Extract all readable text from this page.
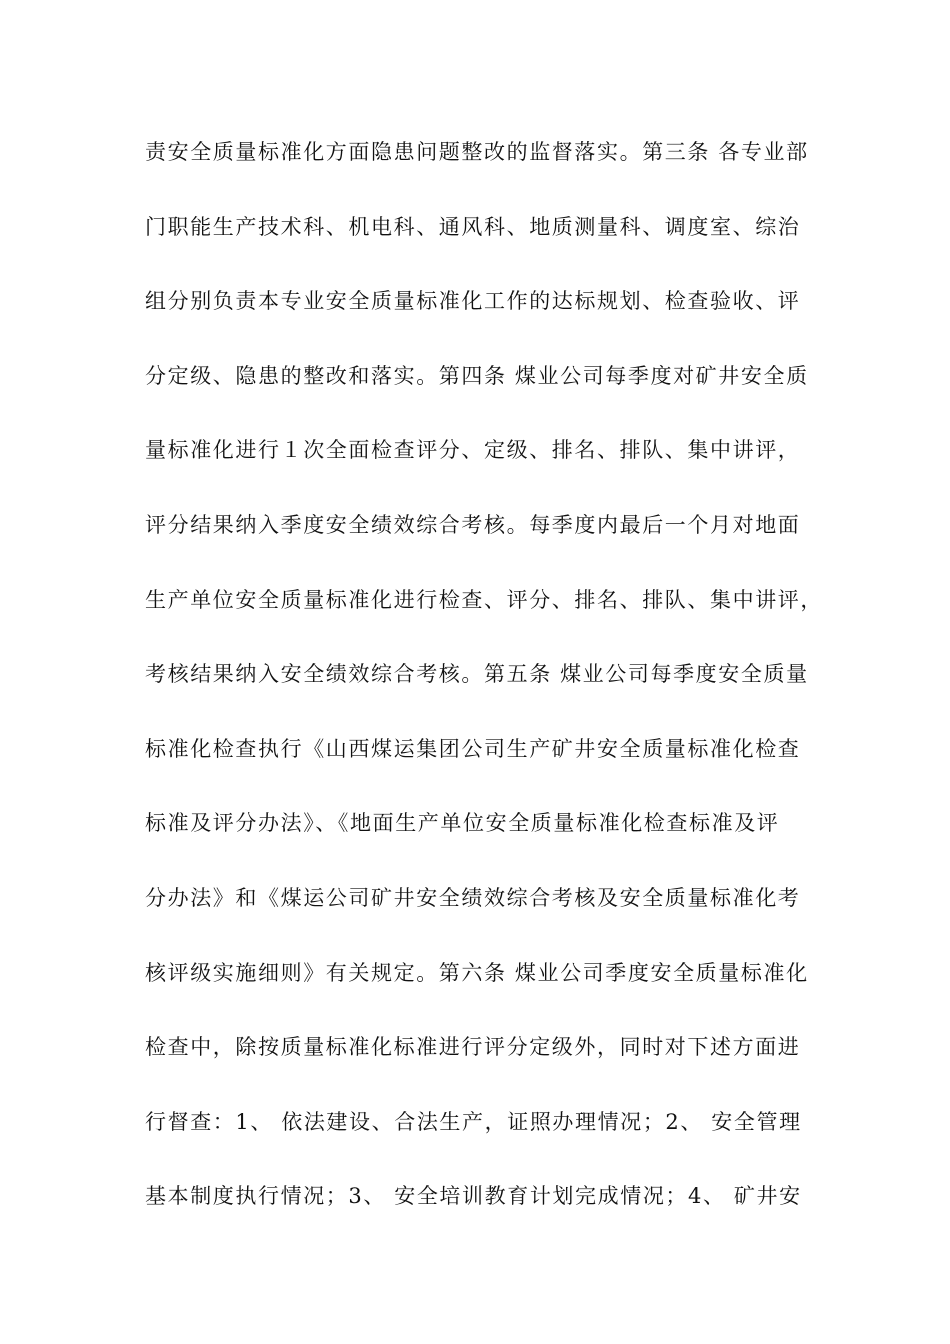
责安全质量标准化方面隐患问题整改的监督落实。第三条 各专业部
门职能生产技术科、机电科、通风科、地质测量科、调度室、综治
组分别负责本专业安全质量标准化工作的达标规划、检查验收、评
分定级、隐患的整改和落实。第四条 煤业公司每季度对矿井安全质
量标准化进行１次全面检查评分、定级、排名、排队、集中讲评，
评分结果纳入季度安全绩效综合考核。每季度内最后一个月对地面
生产单位安全质量标准化进行检查、评分、排名、排队、集中讲评，
考核结果纳入安全绩效综合考核。第五条 煤业公司每季度安全质量
标准化检查执行《山西煤运集团公司生产矿井安全质量标准化检查
标准及评分办法》、《地面生产单位安全质量标准化检查标准及评
分办法》和《煤运公司矿井安全绩效综合考核及安全质量标准化考
核评级实施细则》有关规定。第六条 煤业公司季度安全质量标准化
检查中，除按质量标准化标准进行评分定级外，同时对下述方面进
行督查：1、 依法建设、合法生产，证照办理情况；2、 安全管理
基本制度执行情况；3、 安全培训教育计划完成情况；4、 矿井安
